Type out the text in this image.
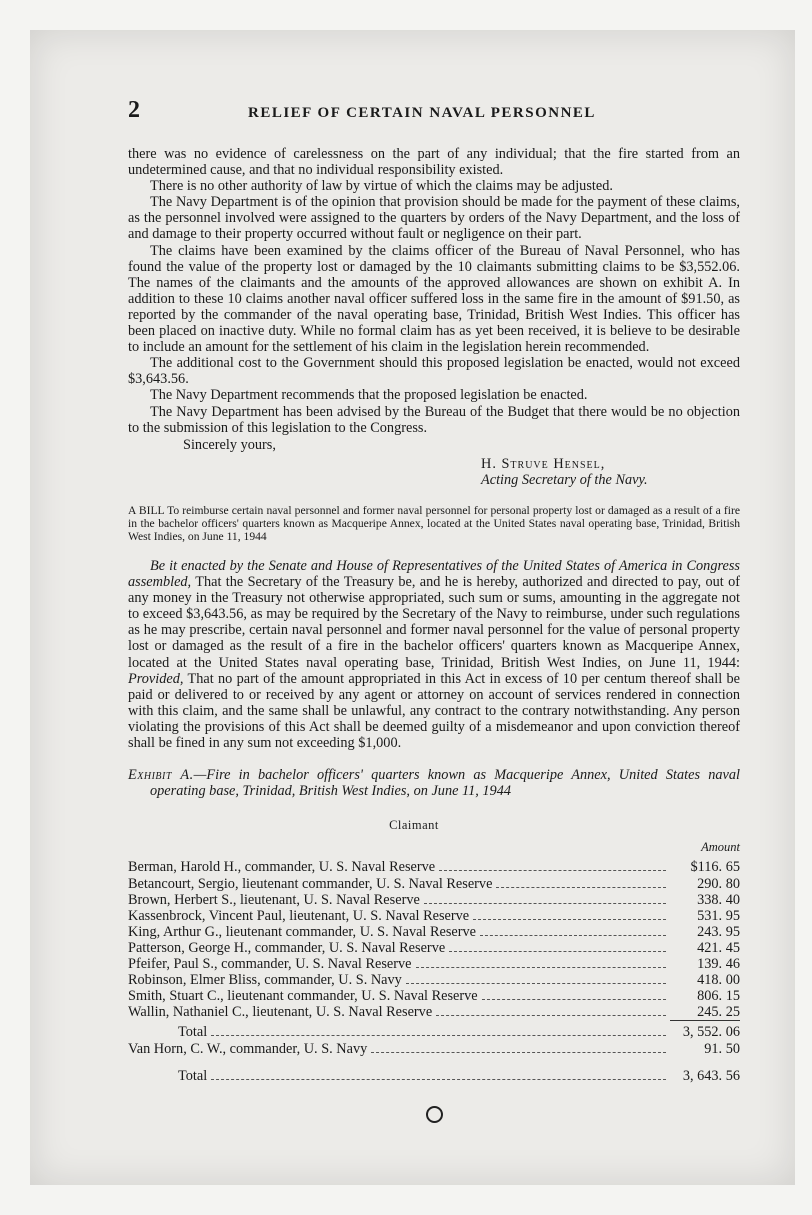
2	RELIEF OF CERTAIN NAVAL PERSONNEL

there was no evidence of carelessness on the part of any individual; that the fire started from an undetermined cause, and that no individual responsibility existed.

There is no other authority of law by virtue of which the claims may be adjusted.

The Navy Department is of the opinion that provision should be made for the payment of these claims, as the personnel involved were assigned to the quarters by orders of the Navy Department, and the loss of and damage to their property occurred without fault or negligence on their part.

The claims have been examined by the claims officer of the Bureau of Naval Personnel, who has found the value of the property lost or damaged by the 10 claimants submitting claims to be $3,552.06. The names of the claimants and the amounts of the approved allowances are shown on exhibit A. In addition to these 10 claims another naval officer suffered loss in the same fire in the amount of $91.50, as reported by the commander of the naval operating base, Trinidad, British West Indies. This officer has been placed on inactive duty. While no formal claim has as yet been received, it is believe to be desirable to include an amount for the settlement of his claim in the legislation herein recommended.

The additional cost to the Government should this proposed legislation be enacted, would not exceed $3,643.56.

The Navy Department recommends that the proposed legislation be enacted.

The Navy Department has been advised by the Bureau of the Budget that there would be no objection to the submission of this legislation to the Congress.

Sincerely yours,

H. Struve Hensel,

Acting Secretary of the Navy.

A BILL To reimburse certain naval personnel and former naval personnel for personal property lost or damaged as a result of a fire in the bachelor officers' quarters known as Macqueripe Annex, located at the United States naval operating base, Trinidad, British West Indies, on June 11, 1944

Be it enacted by the Senate and House of Representatives of the United States of America in Congress assembled, That the Secretary of the Treasury be, and he is hereby, authorized and directed to pay, out of any money in the Treasury not otherwise appropriated, such sum or sums, amounting in the aggregate not to exceed $3,643.56, as may be required by the Secretary of the Navy to reimburse, under such regulations as he may prescribe, certain naval personnel and former naval personnel for the value of personal property lost or damaged as the result of a fire in the bachelor officers' quarters known as Macqueripe Annex, located at the United States naval operating base, Trinidad, British West Indies, on June 11, 1944: Provided, That no part of the amount appropriated in this Act in excess of 10 per centum thereof shall be paid or delivered to or received by any agent or attorney on account of services rendered in connection with this claim, and the same shall be unlawful, any contract to the contrary notwithstanding. Any person violating the provisions of this Act shall be deemed guilty of a misdemeanor and upon conviction thereof shall be fined in any sum not exceeding $1,000.

Exhibit A.—Fire in bachelor officers' quarters known as Macqueripe Annex, United States naval operating base, Trinidad, British West Indies, on June 11, 1944

Claimant
Amount
Berman, Harold H., commander, U. S. Naval Reserve	$116. 65
Betancourt, Sergio, lieutenant commander, U. S. Naval Reserve	290. 80
Brown, Herbert S., lieutenant, U. S. Naval Reserve	338. 40
Kassenbrock, Vincent Paul, lieutenant, U. S. Naval Reserve	531. 95
King, Arthur G., lieutenant commander, U. S. Naval Reserve	243. 95
Patterson, George H., commander, U. S. Naval Reserve	421. 45
Pfeifer, Paul S., commander, U. S. Naval Reserve	139. 46
Robinson, Elmer Bliss, commander, U. S. Navy	418. 00
Smith, Stuart C., lieutenant commander, U. S. Naval Reserve	806. 15
Wallin, Nathaniel C., lieutenant, U. S. Naval Reserve	245. 25
Total	3, 552. 06
Van Horn, C. W., commander, U. S. Navy	91. 50
Total	3, 643. 56
